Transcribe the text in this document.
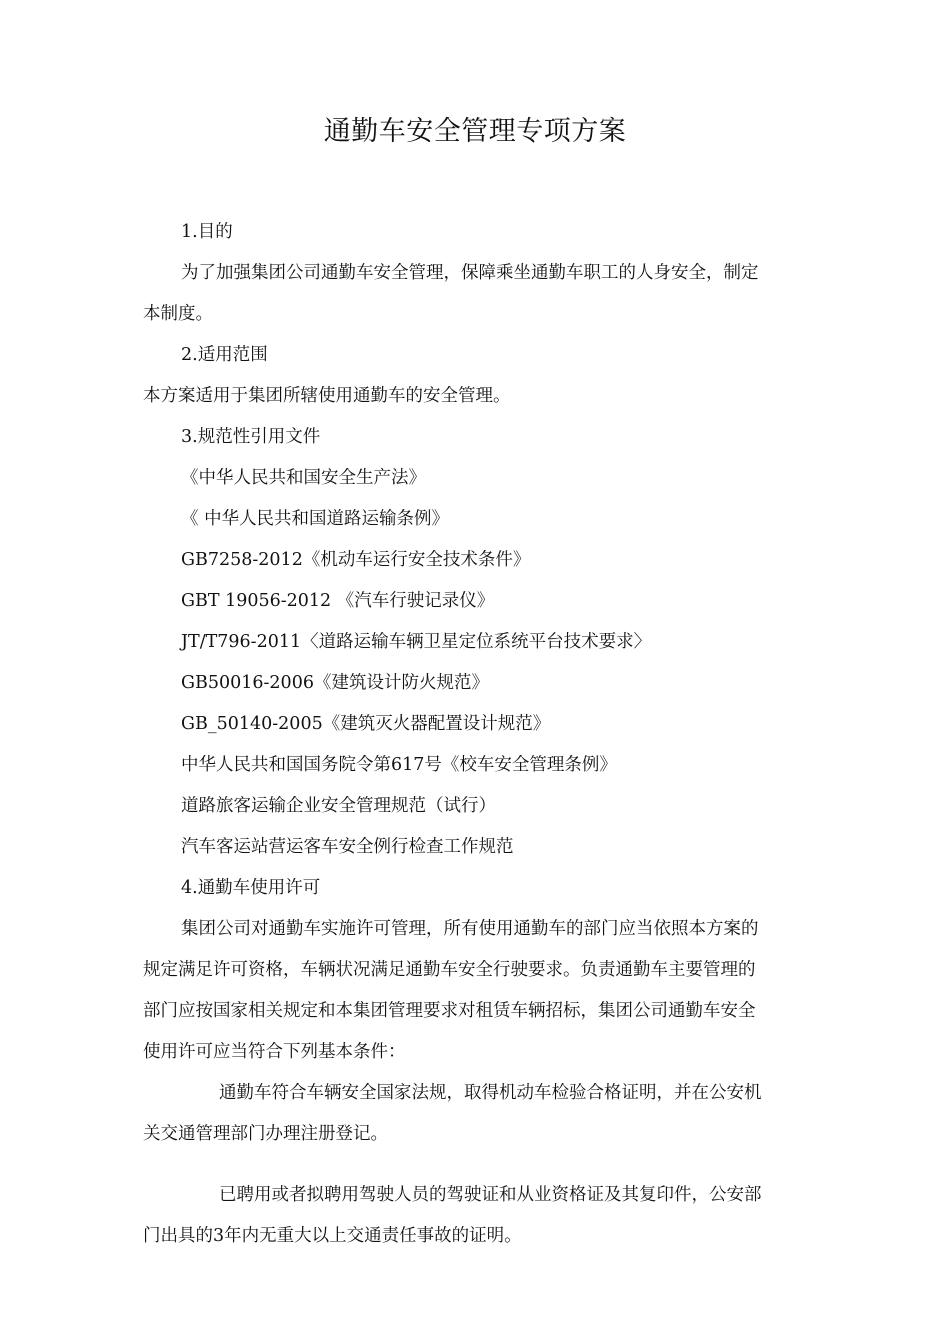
通勤车安全管理专项方案
1.目的
为了加强集团公司通勤车安全管理，保障乘坐通勤车职工的人身安全，制定
本制度。
2.适用范围
本方案适用于集团所辖使用通勤车的安全管理。
3.规范性引用文件
《中华人民共和国安全生产法》
《 中华人民共和国道路运输条例》
GB7258-2012《机动车运行安全技术条件》
GBT 19056-2012 《汽车行驶记录仪》
JT/T796-2011〈道路运输车辆卫星定位系统平台技术要求〉
GB50016-2006《建筑设计防火规范》
GB_50140-2005《建筑灭火器配置设计规范》
中华人民共和国国务院令第617号《校车安全管理条例》
道路旅客运输企业安全管理规范（试行）
汽车客运站营运客车安全例行检查工作规范
4.通勤车使用许可
集团公司对通勤车实施许可管理，所有使用通勤车的部门应当依照本方案的
规定满足许可资格，车辆状况满足通勤车安全行驶要求。负责通勤车主要管理的
部门应按国家相关规定和本集团管理要求对租赁车辆招标，集团公司通勤车安全
使用许可应当符合下列基本条件：
通勤车符合车辆安全国家法规，取得机动车检验合格证明，并在公安机
关交通管理部门办理注册登记。
已聘用或者拟聘用驾驶人员的驾驶证和从业资格证及其复印件，公安部
门出具的3年内无重大以上交通责任事故的证明。
